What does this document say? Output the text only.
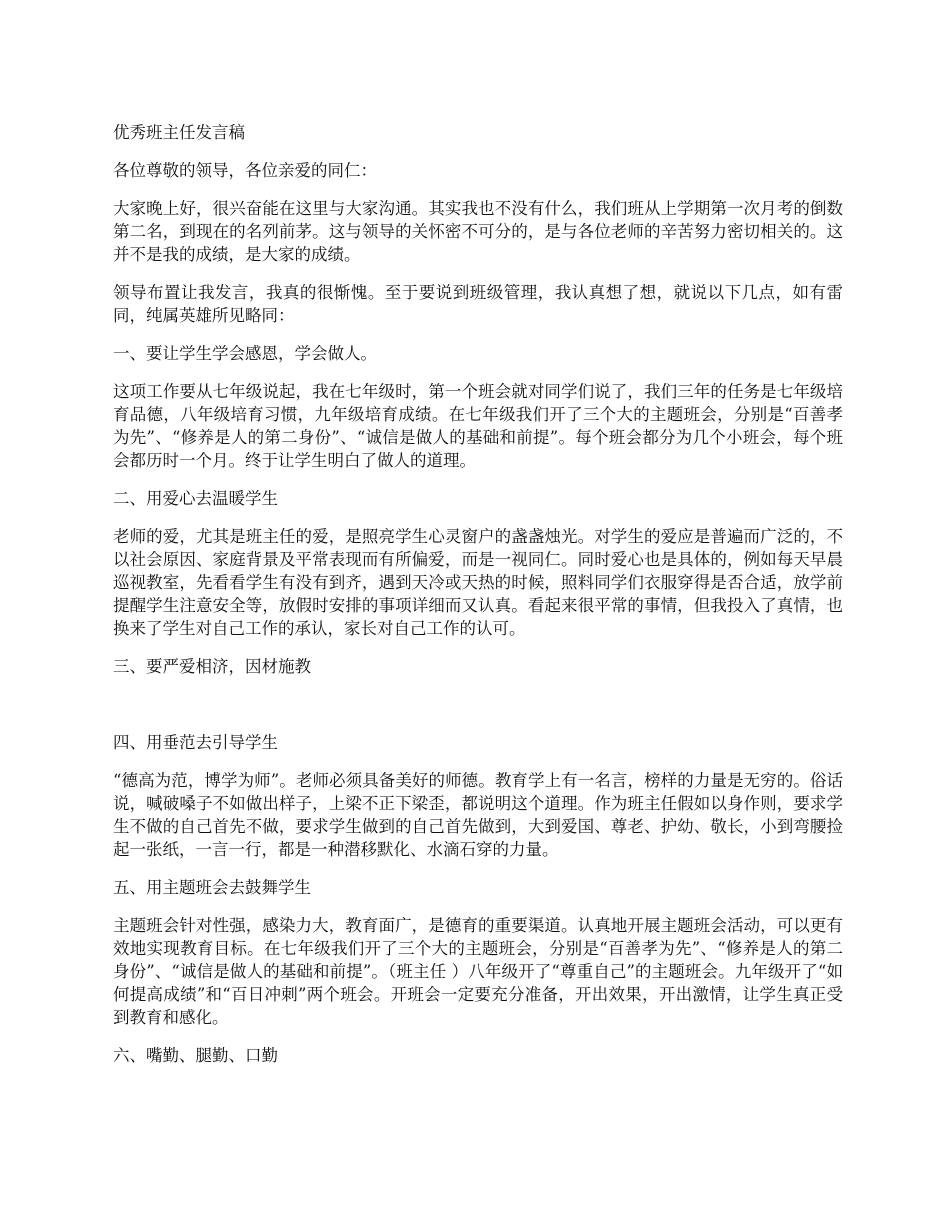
优秀班主任发言稿

各位尊敬的领导，各位亲爱的同仁：

大家晚上好，很兴奋能在这里与大家沟通。其实我也不没有什么，我们班从上学期第一次月考的倒数第二名，到现在的名列前茅。这与领导的关怀密不可分的，是与各位老师的辛苦努力密切相关的。这并不是我的成绩，是大家的成绩。

领导布置让我发言，我真的很惭愧。至于要说到班级管理，我认真想了想，就说以下几点，如有雷同，纯属英雄所见略同：

一、要让学生学会感恩，学会做人。

这项工作要从七年级说起，我在七年级时，第一个班会就对同学们说了，我们三年的任务是七年级培育品德，八年级培育习惯，九年级培育成绩。在七年级我们开了三个大的主题班会，分别是“百善孝为先”、“修养是人的第二身份”、“诚信是做人的基础和前提”。每个班会都分为几个小班会，每个班会都历时一个月。终于让学生明白了做人的道理。

二、用爱心去温暖学生

老师的爱，尤其是班主任的爱，是照亮学生心灵窗户的盏盏烛光。对学生的爱应是普遍而广泛的，不以社会原因、家庭背景及平常表现而有所偏爱，而是一视同仁。同时爱心也是具体的，例如每天早晨巡视教室，先看看学生有没有到齐，遇到天冷或天热的时候，照料同学们衣服穿得是否合适，放学前提醒学生注意安全等，放假时安排的事项详细而又认真。看起来很平常的事情，但我投入了真情，也换来了学生对自己工作的承认，家长对自己工作的认可。

三、要严爱相济，因材施教

四、用垂范去引导学生

“德高为范，博学为师”。老师必须具备美好的师德。教育学上有一名言，榜样的力量是无穷的。俗话说，喊破嗓子不如做出样子，上梁不正下梁歪，都说明这个道理。作为班主任假如以身作则，要求学生不做的自己首先不做，要求学生做到的自己首先做到，大到爱国、尊老、护幼、敬长，小到弯腰捡起一张纸，一言一行，都是一种潜移默化、水滴石穿的力量。

五、用主题班会去鼓舞学生

主题班会针对性强，感染力大，教育面广，是德育的重要渠道。认真地开展主题班会活动，可以更有效地实现教育目标。在七年级我们开了三个大的主题班会，分别是“百善孝为先”、“修养是人的第二身份”、“诚信是做人的基础和前提”。（班主任 ）八年级开了“尊重自己”的主题班会。九年级开了“如何提高成绩”和“百日冲刺”两个班会。开班会一定要充分准备，开出效果，开出激情，让学生真正受到教育和感化。

六、嘴勤、腿勤、口勤
